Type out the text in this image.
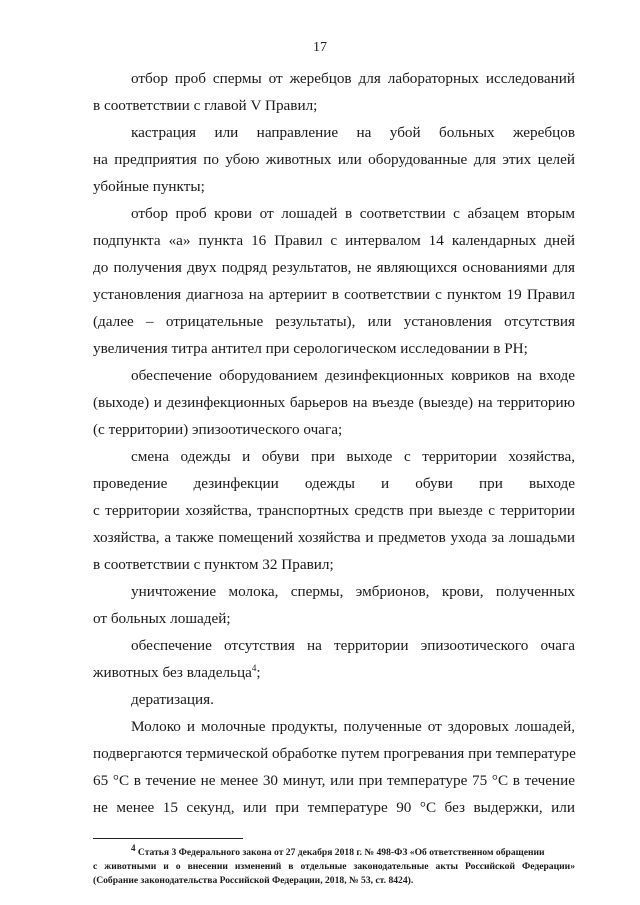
17
отбор проб спермы от жеребцов для лабораторных исследований
в соответствии с главой V Правил;
кастрация или направление на убой больных жеребцов
на предприятия по убою животных или оборудованные для этих целей
убойные пункты;
отбор проб крови от лошадей в соответствии с абзацем вторым
подпункта «а» пункта 16 Правил с интервалом 14 календарных дней
до получения двух подряд результатов, не являющихся основаниями для
установления диагноза на артериит в соответствии с пунктом 19 Правил
(далее – отрицательные результаты), или установления отсутствия
увеличения титра антител при серологическом исследовании в РН;
обеспечение оборудованием дезинфекционных ковриков на входе
(выходе) и дезинфекционных барьеров на въезде (выезде) на территорию
(с территории) эпизоотического очага;
смена одежды и обуви при выходе с территории хозяйства,
проведение дезинфекции одежды и обуви при выходе
с территории хозяйства, транспортных средств при выезде с территории
хозяйства, а также помещений хозяйства и предметов ухода за лошадьми
в соответствии с пунктом 32 Правил;
уничтожение молока, спермы, эмбрионов, крови, полученных
от больных лошадей;
обеспечение отсутствия на территории эпизоотического очага
животных без владельца$^4$;
дератизация.
Молоко и молочные продукты, полученные от здоровых лошадей,
подвергаются термической обработке путем прогревания при температуре
65 °С в течение не менее 30 минут, или при температуре 75 °С в течение
не менее 15 секунд, или при температуре 90 °С без выдержки, или
$^4$ Статья 3 Федерального закона от 27 декабря 2018 г. № 498-ФЗ «Об ответственном обращении
с животными и о внесении изменений в отдельные законодательные акты Российской Федерации»
(Собрание законодательства Российской Федерации, 2018, № 53, ст. 8424).
